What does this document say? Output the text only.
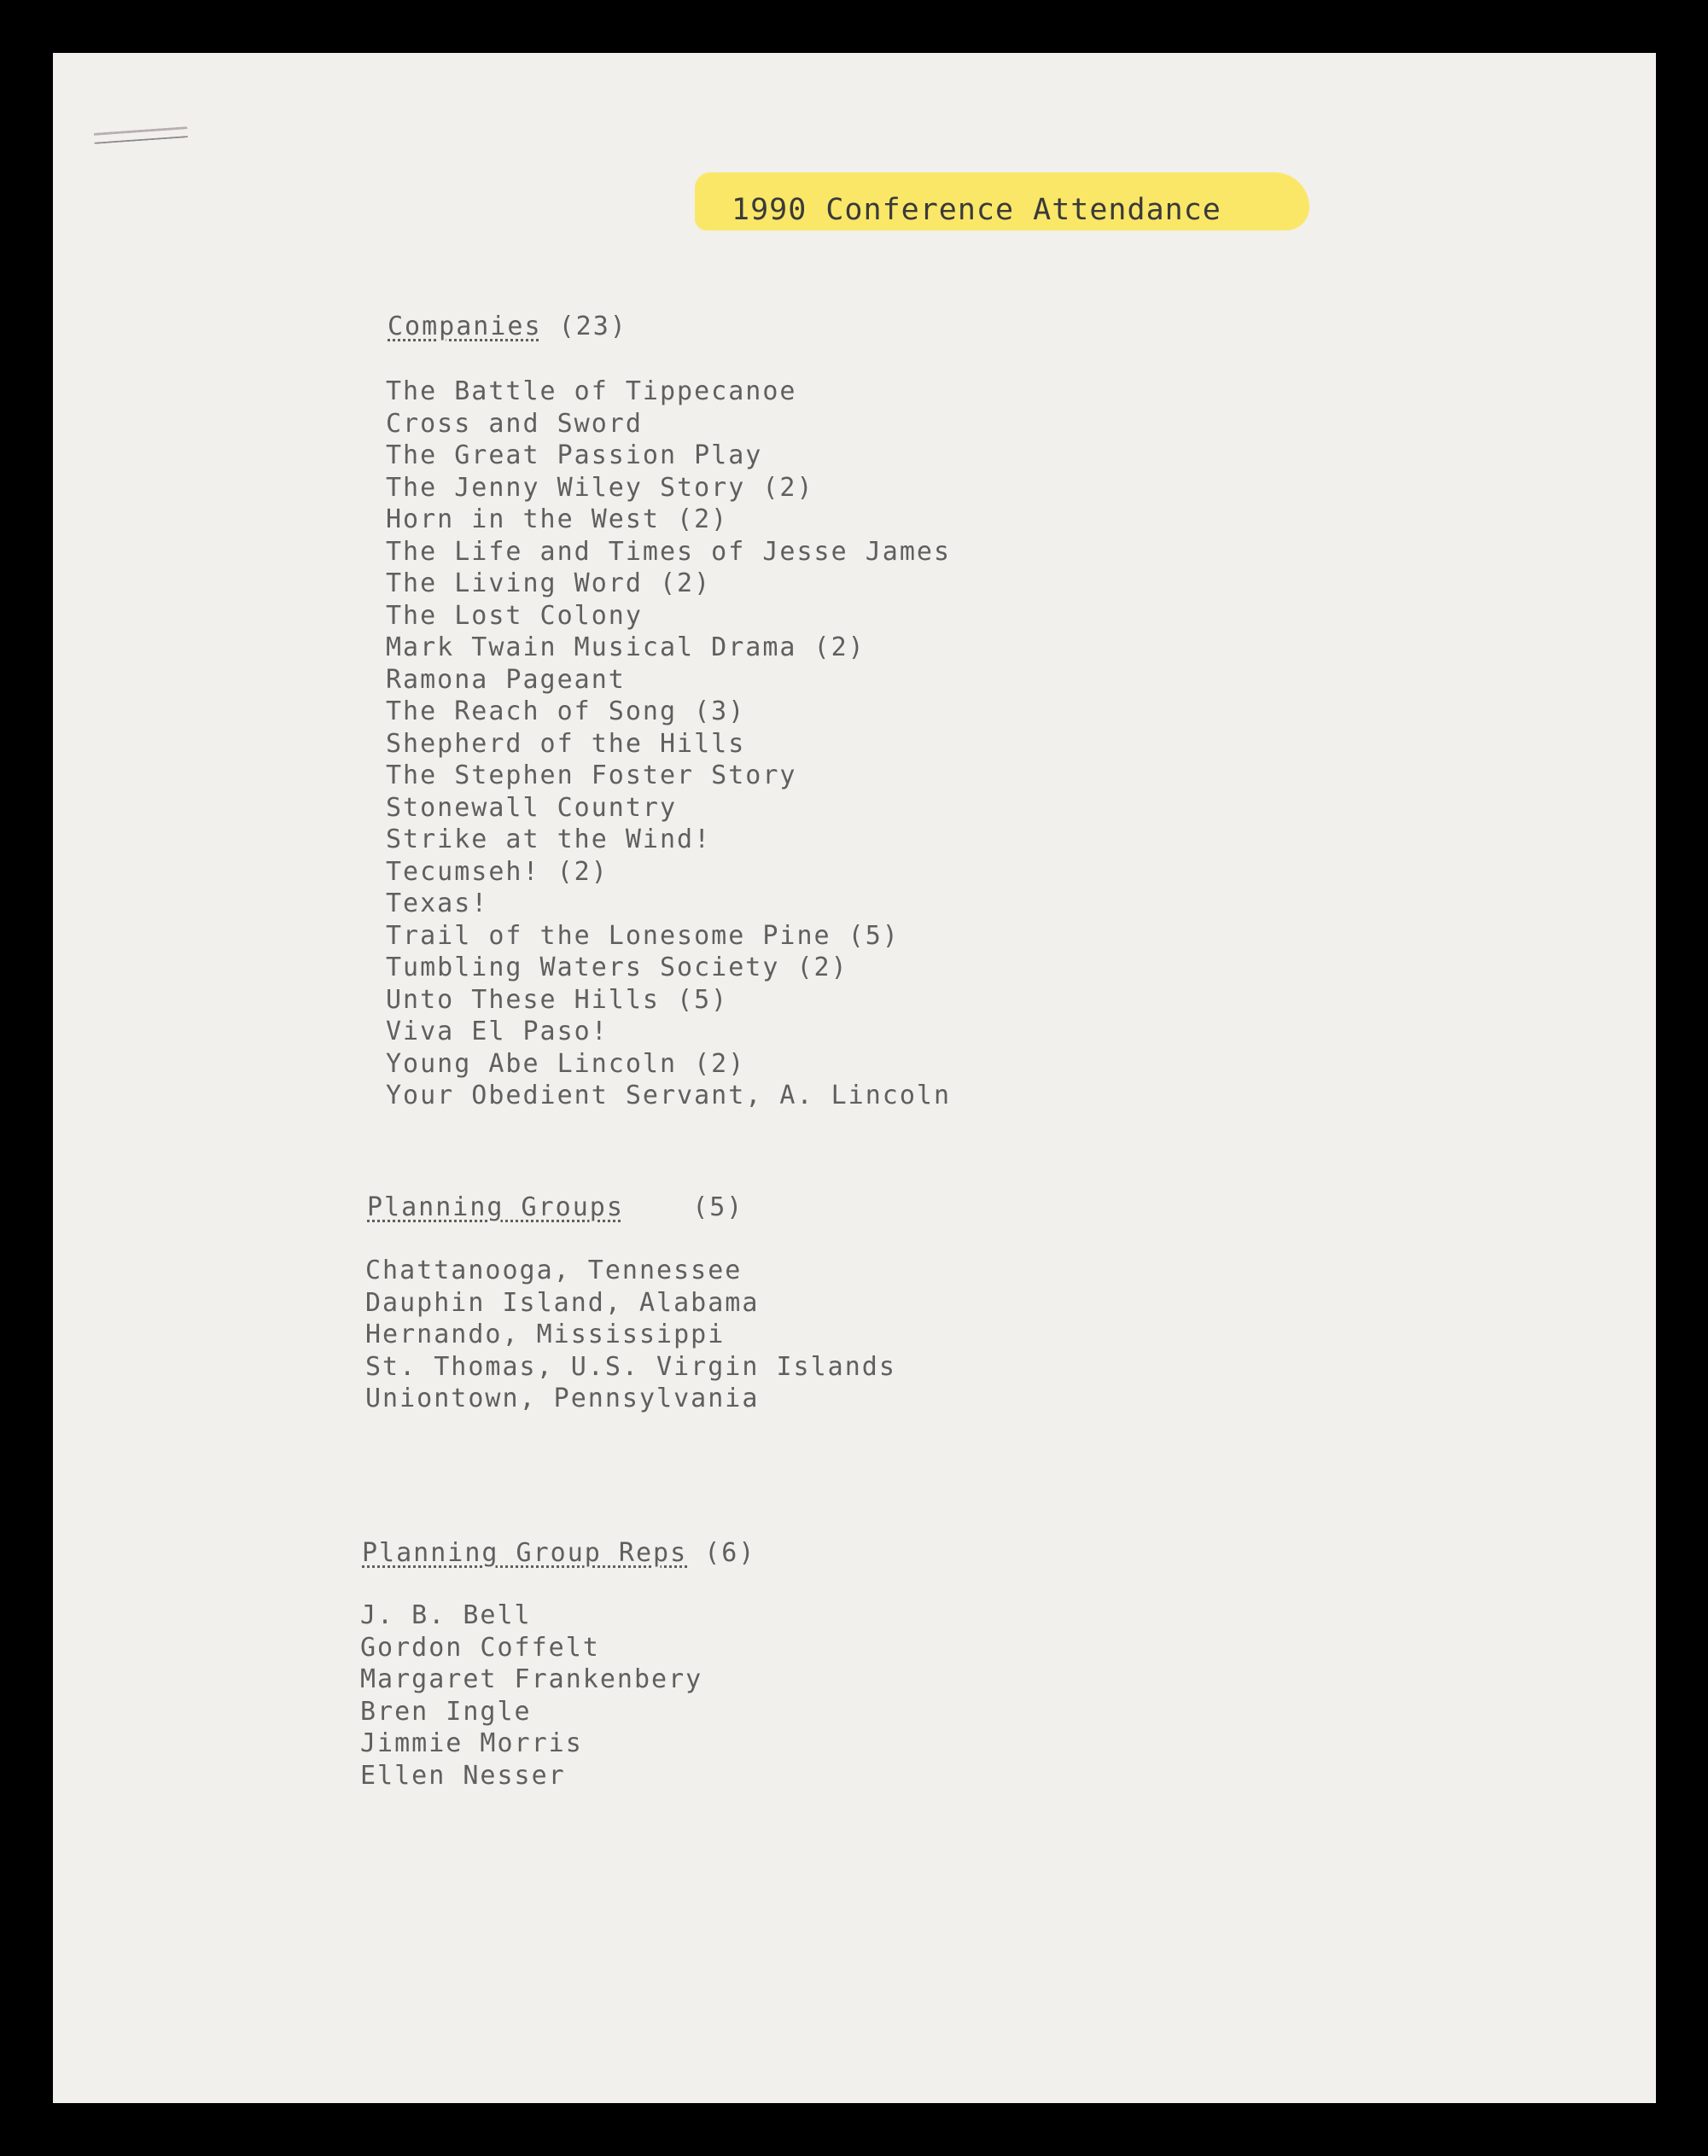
1990 Conference Attendance
Companies (23)
The Battle of Tippecanoe
Cross and Sword
The Great Passion Play
The Jenny Wiley Story (2)
Horn in the West (2)
The Life and Times of Jesse James
The Living Word (2)
The Lost Colony
Mark Twain Musical Drama (2)
Ramona Pageant
The Reach of Song (3)
Shepherd of the Hills
The Stephen Foster Story
Stonewall Country
Strike at the Wind!
Tecumseh! (2)
Texas!
Trail of the Lonesome Pine (5)
Tumbling Waters Society (2)
Unto These Hills (5)
Viva El Paso!
Young Abe Lincoln (2)
Your Obedient Servant, A. Lincoln
Planning Groups	(5)
Chattanooga, Tennessee
Dauphin Island, Alabama
Hernando, Mississippi
St. Thomas, U.S. Virgin Islands
Uniontown, Pennsylvania
Planning Group Reps (6)
J. B. Bell
Gordon Coffelt
Margaret Frankenbery
Bren Ingle
Jimmie Morris
Ellen Nesser
